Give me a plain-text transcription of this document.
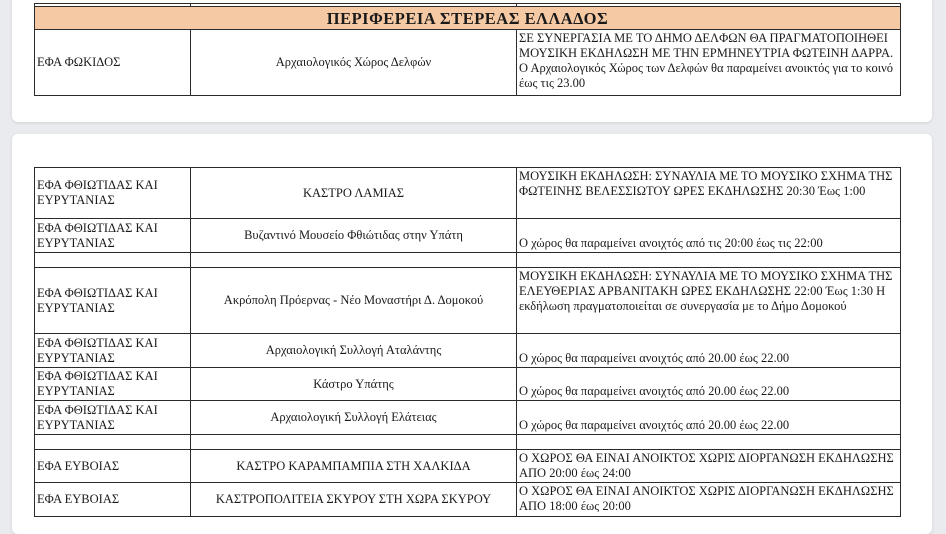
ΠΕΡΙΦΕΡΕΙΑ ΣΤΕΡΕΑΣ ΕΛΛΑΔΟΣ		
ΕΦΑ ΦΩΚΙΔΟΣ	Αρχαιολογικός Χώρος Δελφών	ΣΕ ΣΥΝΕΡΓΑΣΙΑ ΜΕ ΤΟ ΔΗΜΟ ΔΕΛΦΩΝ ΘΑ ΠΡΑΓΜΑΤΟΠΟΙΗΘΕΙ ΜΟΥΣΙΚΗ ΕΚΔΗΛΩΣΗ ΜΕ ΤΗΝ ΕΡΜΗΝΕΥΤΡΙΑ ΦΩΤΕΙΝΗ ΔΑΡΡΑ. Ο Αρχαιολογικός Χώρος των Δελφών θα παραμείνει ανοικτός για το κοινό έως τις 23.00
ΕΦΑ ΦΘΙΩΤΙΔΑΣ ΚΑΙ ΕΥΡΥΤΑΝΙΑΣ	ΚΑΣΤΡΟ ΛΑΜΙΑΣ	ΜΟΥΣΙΚΗ ΕΚΔΗΛΩΣΗ: ΣΥΝΑΥΛΙΑ ΜΕ ΤΟ ΜΟΥΣΙΚΟ ΣΧΗΜΑ ΤΗΣ ΦΩΤΕΙΝΗΣ ΒΕΛΕΣΣΙΩΤΟΥ ΩΡΕΣ ΕΚΔΗΛΩΣΗΣ 20:30 Έως 1:00
ΕΦΑ ΦΘΙΩΤΙΔΑΣ ΚΑΙ ΕΥΡΥΤΑΝΙΑΣ	Βυζαντινό Μουσείο Φθιώτιδας στην Υπάτη	Ο χώρος θα παραμείνει ανοιχτός από τις 20:00 έως τις 22:00

ΕΦΑ ΦΘΙΩΤΙΔΑΣ ΚΑΙ ΕΥΡΥΤΑΝΙΑΣ	Ακρόπολη Πρόερνας - Νέο Μοναστήρι Δ. Δομοκού	ΜΟΥΣΙΚΗ ΕΚΔΗΛΩΣΗ: ΣΥΝΑΥΛΙΑ ΜΕ ΤΟ ΜΟΥΣΙΚΟ ΣΧΗΜΑ ΤΗΣ ΕΛΕΥΘΕΡΙΑΣ ΑΡΒΑΝΙΤΑΚΗ ΩΡΕΣ ΕΚΔΗΛΩΣΗΣ 22:00 Έως 1:30 Η εκδήλωση πραγματοποιείται σε συνεργασία με το Δήμο Δομοκού
ΕΦΑ ΦΘΙΩΤΙΔΑΣ ΚΑΙ ΕΥΡΥΤΑΝΙΑΣ	Αρχαιολογική Συλλογή Αταλάντης	Ο χώρος θα παραμείνει ανοιχτός από 20.00 έως 22.00
ΕΦΑ ΦΘΙΩΤΙΔΑΣ ΚΑΙ ΕΥΡΥΤΑΝΙΑΣ	Κάστρο Υπάτης	Ο χώρος θα παραμείνει ανοιχτός από 20.00 έως 22.00
ΕΦΑ ΦΘΙΩΤΙΔΑΣ ΚΑΙ ΕΥΡΥΤΑΝΙΑΣ	Αρχαιολογική Συλλογή Ελάτειας	Ο χώρος θα παραμείνει ανοιχτός από 20.00 έως 22.00

ΕΦΑ ΕΥΒΟΙΑΣ	ΚΑΣΤΡΟ ΚΑΡΑΜΠΑΜΠΙΑ ΣΤΗ ΧΑΛΚΙΔΑ	Ο ΧΩΡΟΣ ΘΑ ΕΙΝΑΙ ΑΝΟΙΚΤΟΣ ΧΩΡΙΣ ΔΙΟΡΓΑΝΩΣΗ ΕΚΔΗΛΩΣΗΣ ΑΠΟ 20:00 έως 24:00
ΕΦΑ ΕΥΒΟΙΑΣ	ΚΑΣΤΡΟΠΟΛΙΤΕΙΑ ΣΚΥΡΟΥ ΣΤΗ ΧΩΡΑ ΣΚΥΡΟΥ	Ο ΧΩΡΟΣ ΘΑ ΕΙΝΑΙ ΑΝΟΙΚΤΟΣ ΧΩΡΙΣ ΔΙΟΡΓΑΝΩΣΗ ΕΚΔΗΛΩΣΗΣ ΑΠΟ 18:00 έως 20:00
